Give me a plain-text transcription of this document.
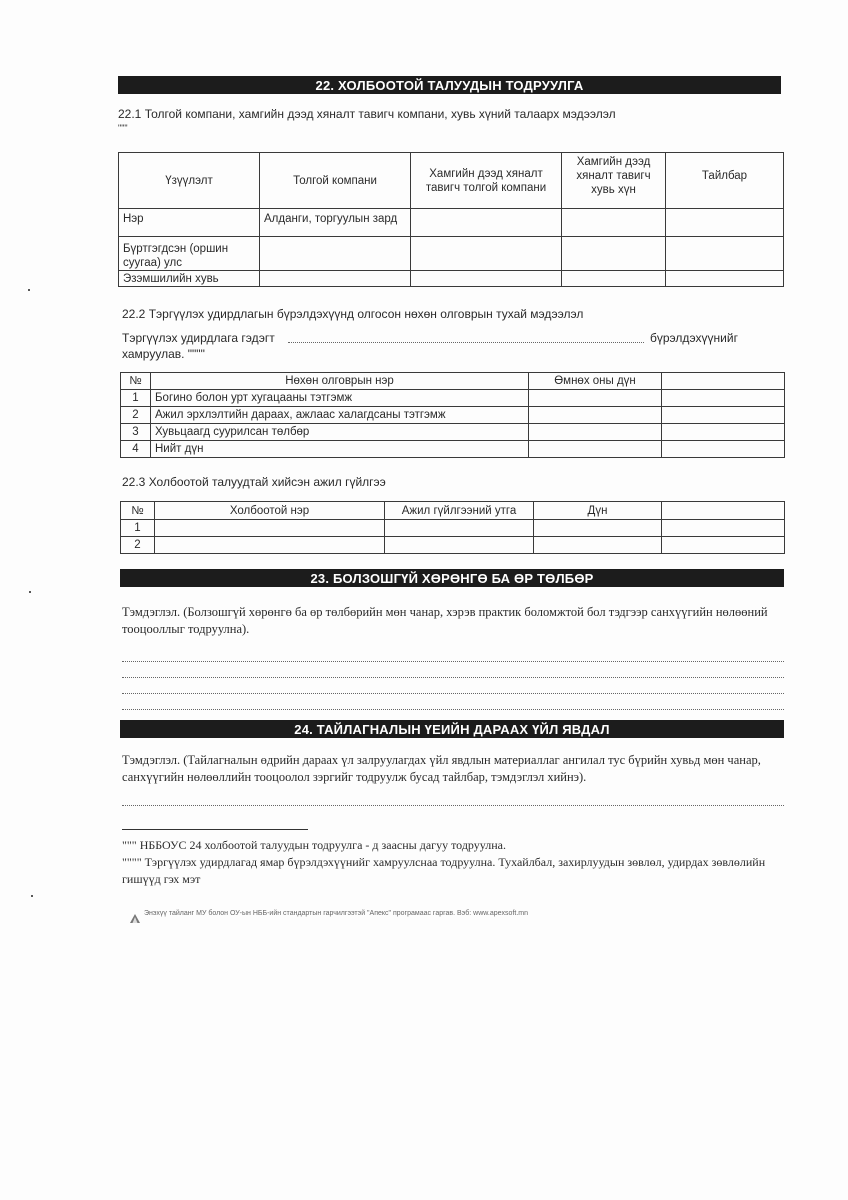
22. ХОЛБООТОЙ ТАЛУУДЫН ТОДРУУЛГА
22.1 Толгой компани, хамгийн дээд хяналт тавигч компани, хувь хүний талаарх мэдээлэл
"""
Үзүүлэлт	Толгой компани	Хамгийн дээд хяналт тавигч толгой компани	Хамгийн дээд хяналт тавигч хувь хүн	Тайлбар
Нэр	Алданги, торгуулын зард			
Бүртгэгдсэн (оршин суугаа) улс				
Эзэмшилийн хувь				
22.2 Тэргүүлэх удирдлагын бүрэлдэхүүнд олгосон нөхөн олговрын тухай мэдээлэл
Тэргүүлэх удирдлага гэдэгт	бүрэлдэхүүнийг
хамруулав. """"
№	Нөхөн олговрын нэр	Өмнөх оны дүн	
1	Богино болон урт хугацааны тэтгэмж		
2	Ажил эрхлэлтийн дараах, ажлаас халагдсаны тэтгэмж		
3	Хувьцаагд суурилсан төлбөр		
4	Нийт дүн		
22.3 Холбоотой талуудтай хийсэн ажил гүйлгээ
№	Холбоотой нэр	Ажил гүйлгээний утга	Дүн	
1				
2				
23. БОЛЗОШГҮЙ ХӨРӨНГӨ БА ӨР ТӨЛБӨР
Тэмдэглэл. (Болзошгүй хөрөнгө ба өр төлбөрийн мөн чанар, хэрэв практик боломжтой бол тэдгээр санхүүгийн нөлөөний тооцооллыг тодруулна).
24. ТАЙЛАГНАЛЫН ҮЕИЙН ДАРААХ ҮЙЛ ЯВДАЛ
Тэмдэглэл. (Тайлагналын өдрийн дараах үл залруулагдах үйл явдлын материаллаг ангилал тус бүрийн хувьд мөн чанар, санхүүгийн нөлөөллийн тооцоолол зэргийг тодруулж бусад тайлбар, тэмдэглэл хийнэ).
""" НББОУС 24 холбоотой талуудын тодруулга - д заасны дагуу тодруулна.
"""" Тэргүүлэх удирдлагад ямар бүрэлдэхүүнийг хамруулснаа тодруулна. Тухайлбал, захирлуудын зөвлөл, удирдах зөвлөлийн гишүүд гэх мэт
Энэхүү тайланг МУ болон ОУ-ын НББ-ийн стандартын гарчилгээтэй "Апекс" програмаас гаргав. Вэб: www.apexsoft.mn
